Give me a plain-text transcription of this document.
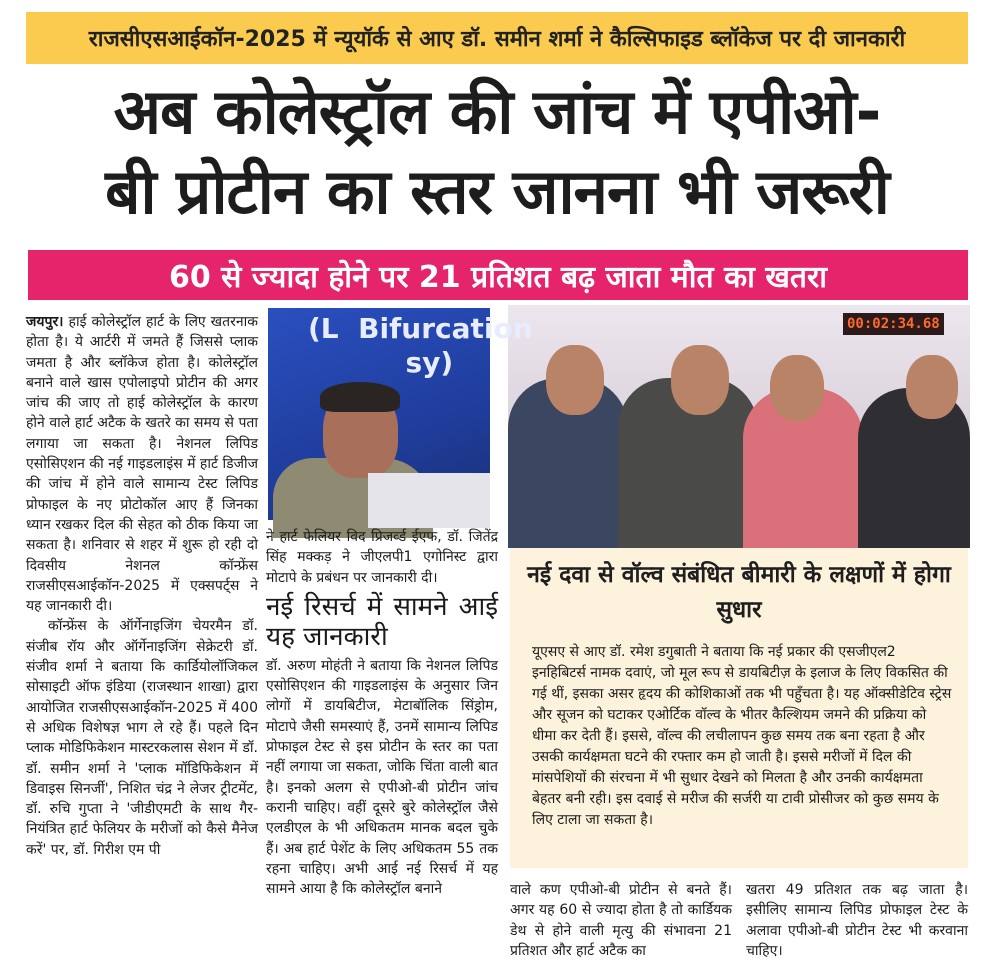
राजसीएसआईकॉन-2025 में न्यूयॉर्क से आए डॉ. समीन शर्मा ने कैल्सिफाइड ब्लॉकेज पर दी जानकारी
अब कोलेस्ट्रॉल की जांच में एपीओ-
बी प्रोटीन का स्तर जानना भी जरूरी
60 से ज्यादा होने पर 21 प्रतिशत बढ़ जाता मौत का खतरा

जयपुर। हाई कोलेस्ट्रॉल हार्ट के लिए खतरनाक होता है। ये आर्टरी में जमते हैं जिससे प्लाक जमता है और ब्लॉकेज होता है। कोलेस्ट्रॉल बनाने वाले खास एपोलाइपो प्रोटीन की अगर जांच की जाए तो हाई कोलेस्ट्रॉल के कारण होने वाले हार्ट अटैक के खतरे का समय से पता लगाया जा सकता है। नेशनल लिपिड एसोसिएशन की नई गाइडलाइंस में हार्ट डिजीज की जांच में होने वाले सामान्य टेस्ट लिपिड प्रोफाइल के नए प्रोटोकॉल आए हैं जिनका ध्यान रखकर दिल की सेहत को ठीक किया जा सकता है। शनिवार से शहर में शुरू हो रही दो दिवसीय नेशनल कॉन्फ्रेंस राजसीएसआईकॉन-2025 में एक्सपर्ट्स ने यह जानकारी दी।

कॉन्फ्रेंस के ऑर्गेनाइजिंग चेयरमैन डॉ. संजीब रॉय और ऑर्गेनाइजिंग सेक्रेटरी डॉ. संजीव शर्मा ने बताया कि कार्डियोलॉजिकल सोसाइटी ऑफ इंडिया (राजस्थान शाखा) द्वारा आयोजित राजसीएसआईकॉन-2025 में 400 से अधिक विशेषज्ञ भाग ले रहे हैं। पहले दिन प्लाक मोडिफिकेशन मास्टरकलास सेशन में डॉ. डॉ. समीन शर्मा ने 'प्लाक मॉडिफिकेशन में डिवाइस सिनर्जी', निशित चंद्र ने लेजर ट्रीटमेंट, डॉ. रुचि गुप्ता ने 'जीडीएमटी के साथ गैर-नियंत्रित हार्ट फेलियर के मरीजों को कैसे मैनेज करें' पर, डॉ. गिरीश एम पी

(L  Bifurcation
sy)

ने हार्ट फेलियर विद प्रिजर्व्ड ईएफ, डॉ. जितेंद्र सिंह मक्कड़ ने जीएलपी1 एगोनिस्ट द्वारा मोटापे के प्रबंधन पर जानकारी दी।

नई रिसर्च में सामने आई यह जानकारी

डॉ. अरुण मोहंती ने बताया कि नेशनल लिपिड एसोसिएशन की गाइडलाइंस के अनुसार जिन लोगों में डायबिटीज, मेटाबॉलिक सिंड्रोम, मोटापे जैसी समस्याएं हैं, उनमें सामान्य लिपिड प्रोफाइल टेस्ट से इस प्रोटीन के स्तर का पता नहीं लगाया जा सकता, जोकि चिंता वाली बात है। इनको अलग से एपीओ-बी प्रोटीन जांच करानी चाहिए। वहीं दूसरे बुरे कोलेस्ट्रॉल जैसे एलडीएल के भी अधिकतम मानक बदल चुके हैं। अब हार्ट पेशेंट के लिए अधिकतम 55 तक रहना चाहिए। अभी आई नई रिसर्च में यह सामने आया है कि कोलेस्ट्रॉल बनाने

00:02:34.68
नई दवा से वॉल्व संबंधित बीमारी के लक्षणों में होगा सुधार

यूएसए से आए डॉ. रमेश डगुबाती ने बताया कि नई प्रकार की एसजीएल2 इनहिबिटर्स नामक दवाएं, जो मूल रूप से डायबिटीज़ के इलाज के लिए विकसित की गई थीं, इसका असर हृदय की कोशिकाओं तक भी पहुँचता है। यह ऑक्सीडेटिव स्ट्रेस और सूजन को घटाकर एओर्टिक वॉल्व के भीतर कैल्शियम जमने की प्रक्रिया को धीमा कर देती हैं। इससे, वॉल्व की लचीलापन कुछ समय तक बना रहता है और उसकी कार्यक्षमता घटने की रफ्तार कम हो जाती है। इससे मरीजों में दिल की मांसपेशियों की संरचना में भी सुधार देखने को मिलता है और उनकी कार्यक्षमता बेहतर बनी रही। इस दवाई से मरीज की सर्जरी या टावी प्रोसीजर को कुछ समय के लिए टाला जा सकता है।

वाले कण एपीओ-बी प्रोटीन से बनते हैं। अगर यह 60 से ज्यादा होता है तो कार्डियक डेथ से होने वाली मृत्यु की संभावना 21 प्रतिशत और हार्ट अटैक का

खतरा 49 प्रतिशत तक बढ़ जाता है। इसीलिए सामान्य लिपिड प्रोफाइल टेस्ट के अलावा एपीओ-बी प्रोटीन टेस्ट भी करवाना चाहिए।
